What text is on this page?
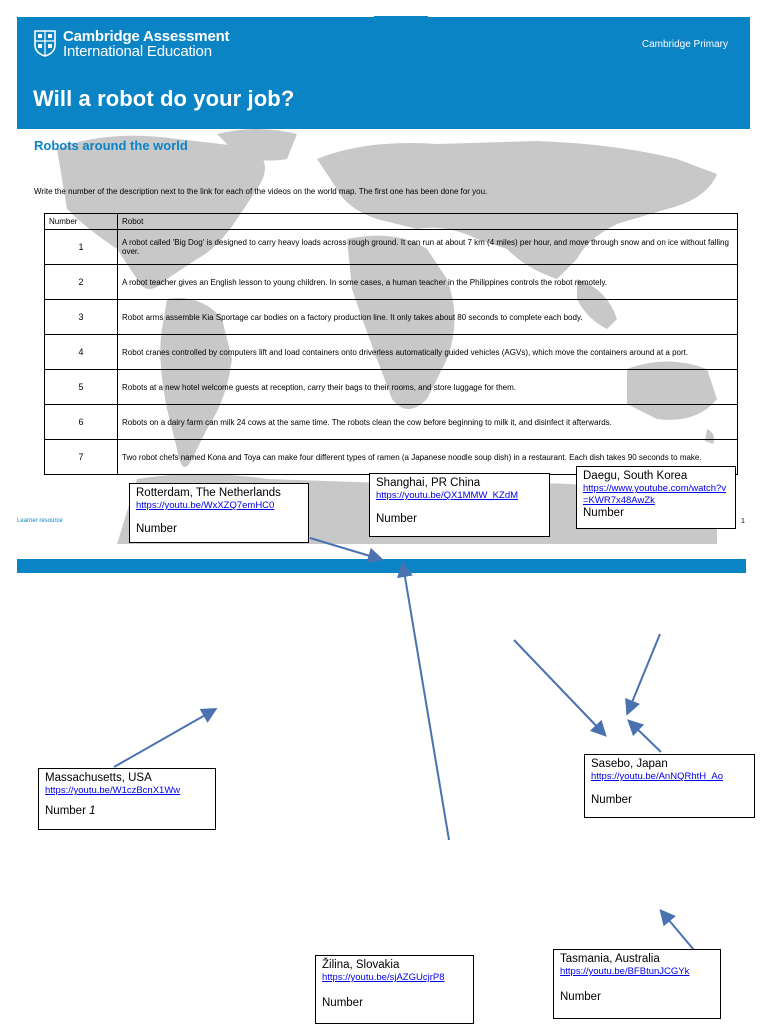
Cambridge Assessment
International Education	Cambridge Primary
Will a robot do your job?
Robots around the world
Write the number of the description next to the link for each of the videos on the world map. The first one has been done for you.
Number	Robot
1	A robot called 'Big Dog' is designed to carry heavy loads across rough ground. It can run at about 7 km (4 miles) per hour, and move through snow and on ice without falling over.
2	A robot teacher gives an English lesson to young children. In some cases, a human teacher in the Philippines controls the robot remotely.
3	Robot arms assemble Kia Sportage car bodies on a factory production line. It only takes about 80 seconds to complete each body.
4	Robot cranes controlled by computers lift and load containers onto driverless automatically guided vehicles (AGVs), which move the containers around at a port.
5	Robots at a new hotel welcome guests at reception, carry their bags to their rooms, and store luggage for them.
6	Robots on a dairy farm can milk 24 cows at the same time. The robots clean the cow before beginning to milk it, and disinfect it afterwards.
7	Two robot chefs named Kona and Toya can make four different types of ramen (a Japanese noodle soup dish) in a restaurant. Each dish takes 90 seconds to make.
Learner resource	1
Rotterdam, The Netherlands
https://youtu.be/WxXZQ7emHC0
Number
Shanghai, PR China
https://youtu.be/QX1MMW_KZdM
Number
Daegu, South Korea
https://www.youtube.com/watch?v=KWR7x48AwZk
Number
Massachusetts, USA
https://youtu.be/W1czBcnX1Ww
Number 1
Sasebo, Japan
https://youtu.be/AnNQRhtH_Ao
Number
Žilina, Slovakia
https://youtu.be/sjAZGUcjrP8
Number
Tasmania, Australia
https://youtu.be/BFBtunJCGYk
Number
